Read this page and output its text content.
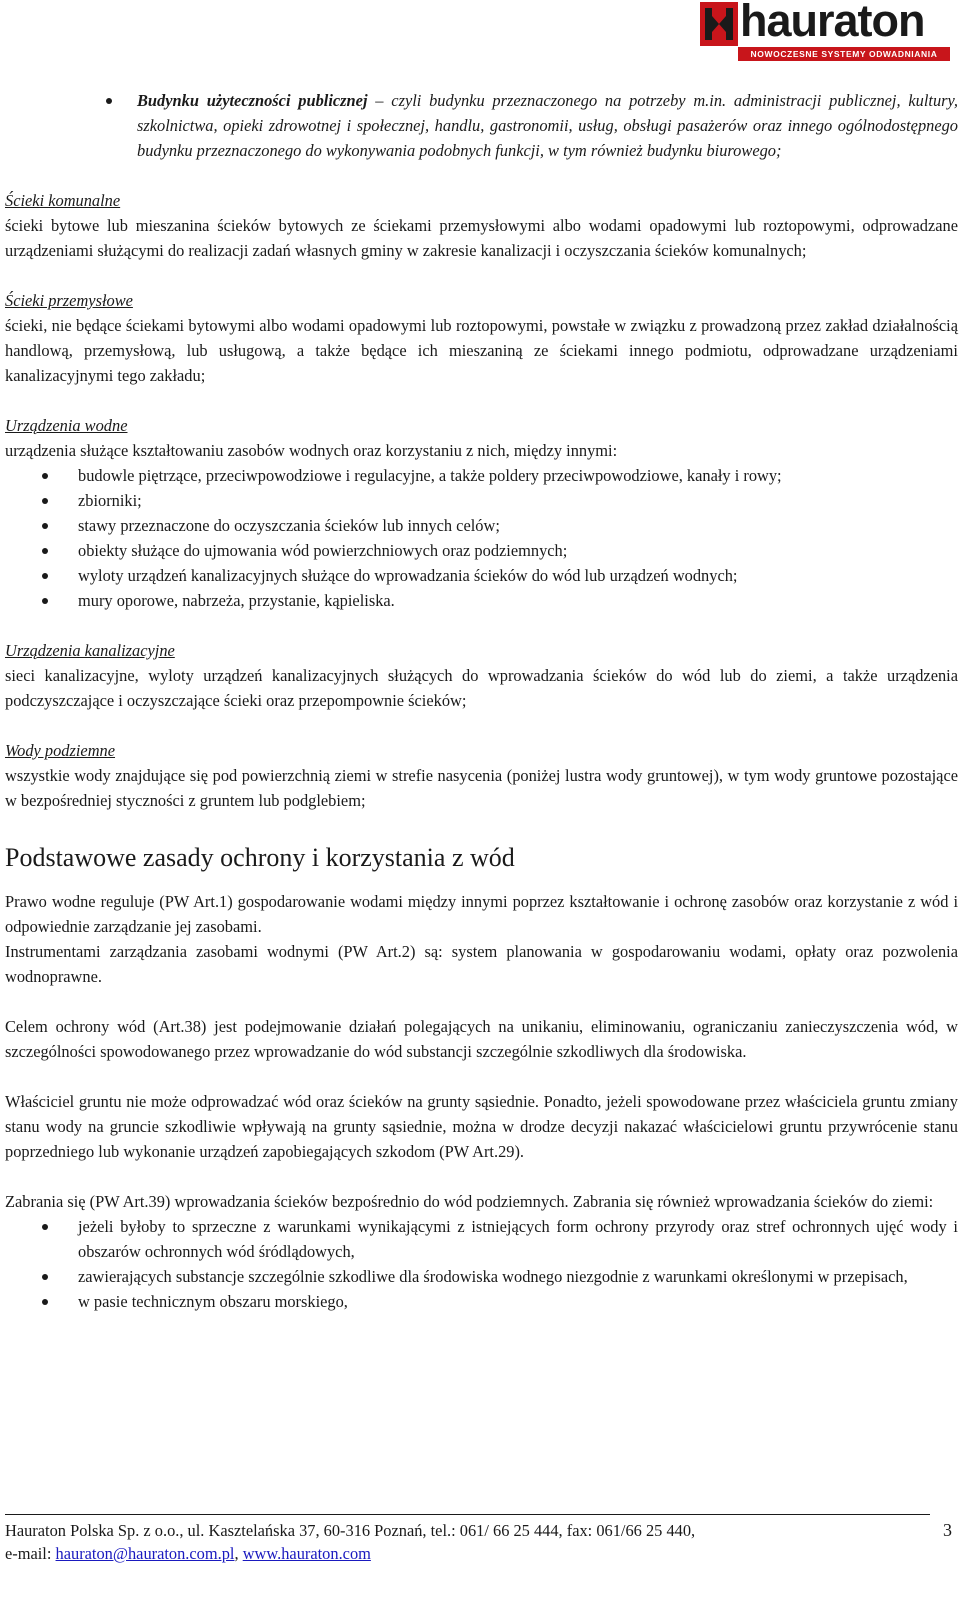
hauraton
NOWOCZESNE SYSTEMY ODWADNIANIA
Budynku użyteczności publicznej – czyli budynku przeznaczonego na potrzeby m.in. administracji publicznej, kultury, szkolnictwa, opieki zdrowotnej i społecznej, handlu, gastronomii, usług, obsługi pasażerów oraz innego ogólnodostępnego budynku przeznaczonego do wykonywania podobnych funkcji, w tym również budynku biurowego;
Ścieki komunalne

ścieki bytowe lub mieszanina ścieków bytowych ze ściekami przemysłowymi albo wodami opadowymi lub roztopowymi, odprowadzane urządzeniami służącymi do realizacji zadań własnych gminy w zakresie kanalizacji i oczyszczania ścieków komunalnych;

Ścieki przemysłowe

ścieki, nie będące ściekami bytowymi albo wodami opadowymi lub roztopowymi, powstałe w związku z prowadzoną przez zakład działalnością handlową, przemysłową, lub usługową, a także będące ich mieszaniną ze ściekami innego podmiotu, odprowadzane urządzeniami kanalizacyjnymi tego zakładu;

Urządzenia wodne

urządzenia służące kształtowaniu zasobów wodnych oraz korzystaniu z nich, między innymi:

budowle piętrzące, przeciwpowodziowe i regulacyjne, a także poldery przeciwpowodziowe, kanały i rowy;
zbiorniki;
stawy przeznaczone do oczyszczania ścieków lub innych celów;
obiekty służące do ujmowania wód powierzchniowych oraz podziemnych;
wyloty urządzeń kanalizacyjnych służące do wprowadzania ścieków do wód lub urządzeń wodnych;
mury oporowe, nabrzeża, przystanie, kąpieliska.
Urządzenia kanalizacyjne

sieci kanalizacyjne, wyloty urządzeń kanalizacyjnych służących do wprowadzania ścieków do wód lub do ziemi, a także urządzenia podczyszczające i oczyszczające ścieki oraz przepompownie ścieków;

Wody podziemne

wszystkie wody znajdujące się pod powierzchnią ziemi w strefie nasycenia (poniżej lustra wody gruntowej), w tym wody gruntowe pozostające w bezpośredniej styczności z gruntem lub podglebiem;

Podstawowe zasady ochrony i korzystania z wód

Prawo wodne reguluje (PW Art.1) gospodarowanie wodami między innymi poprzez kształtowanie i ochronę zasobów oraz korzystanie z wód i odpowiednie zarządzanie jej zasobami.

Instrumentami zarządzania zasobami wodnymi (PW Art.2) są: system planowania w gospodarowaniu wodami, opłaty oraz pozwolenia wodnoprawne.

Celem ochrony wód (Art.38) jest podejmowanie działań polegających na unikaniu, eliminowaniu, ograniczaniu zanieczyszczenia wód, w szczególności spowodowanego przez wprowadzanie do wód substancji szczególnie szkodliwych dla środowiska.

Właściciel gruntu nie może odprowadzać wód oraz ścieków na grunty sąsiednie. Ponadto, jeżeli spowodowane przez właściciela gruntu zmiany stanu wody na gruncie szkodliwie wpływają na grunty sąsiednie, można w drodze decyzji nakazać właścicielowi gruntu przywrócenie stanu poprzedniego lub wykonanie urządzeń zapobiegających szkodom (PW Art.29).

Zabrania się (PW Art.39) wprowadzania ścieków bezpośrednio do wód podziemnych. Zabrania się również wprowadzania ścieków do ziemi:

jeżeli byłoby to sprzeczne z warunkami wynikającymi z istniejących form ochrony przyrody oraz stref ochronnych ujęć wody i obszarów ochronnych wód śródlądowych,
zawierających substancje szczególnie szkodliwe dla środowiska wodnego niezgodnie z warunkami określonymi w przepisach,
w pasie technicznym obszaru morskiego,
Hauraton Polska Sp. z o.o., ul. Kasztelańska 37, 60-316 Poznań, tel.: 061/ 66 25 444, fax: 061/66 25 440,
e-mail: hauraton@hauraton.com.pl, www.hauraton.com
3
